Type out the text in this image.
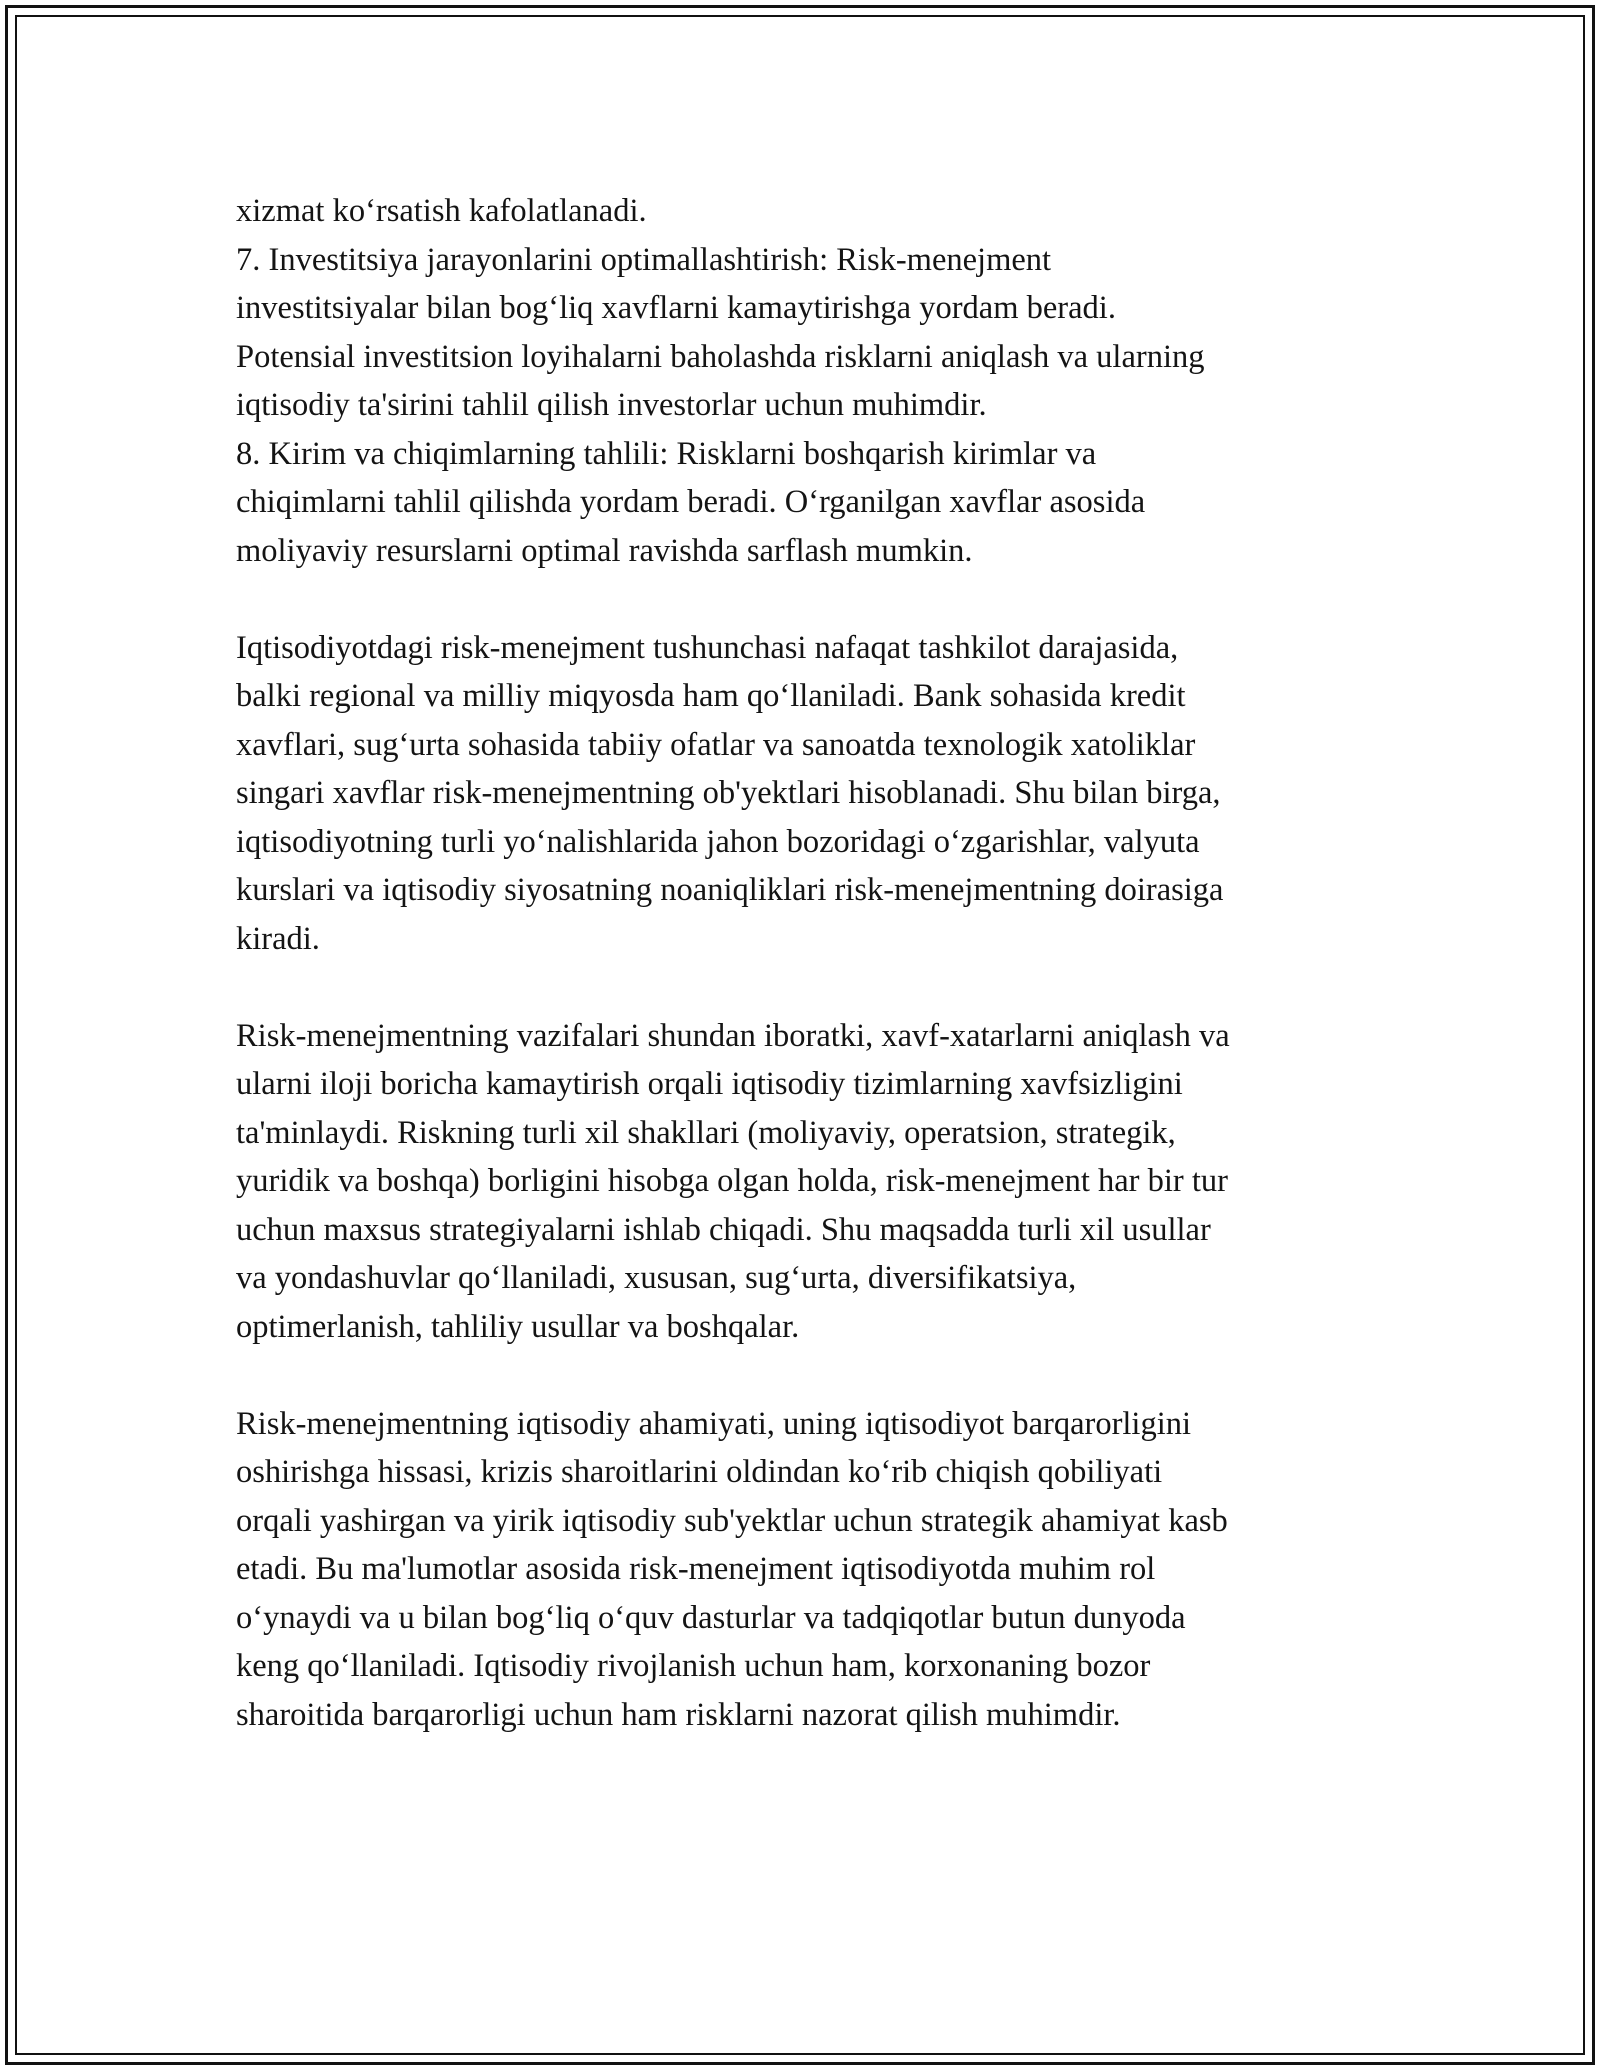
xizmat ko‘rsatish kafolatlanadi.
7. Investitsiya jarayonlarini optimallashtirish: Risk-menejment
investitsiyalar bilan bog‘liq xavflarni kamaytirishga yordam beradi.
Potensial investitsion loyihalarni baholashda risklarni aniqlash va ularning
iqtisodiy ta'sirini tahlil qilish investorlar uchun muhimdir.
8. Kirim va chiqimlarning tahlili: Risklarni boshqarish kirimlar va
chiqimlarni tahlil qilishda yordam beradi. O‘rganilgan xavflar asosida
moliyaviy resurslarni optimal ravishda sarflash mumkin.
Iqtisodiyotdagi risk-menejment tushunchasi nafaqat tashkilot darajasida,
balki regional va milliy miqyosda ham qo‘llaniladi. Bank sohasida kredit
xavflari, sug‘urta sohasida tabiiy ofatlar va sanoatda texnologik xatoliklar
singari xavflar risk-menejmentning ob'yektlari hisoblanadi. Shu bilan birga,
iqtisodiyotning turli yo‘nalishlarida jahon bozoridagi o‘zgarishlar, valyuta
kurslari va iqtisodiy siyosatning noaniqliklari risk-menejmentning doirasiga
kiradi.
Risk-menejmentning vazifalari shundan iboratki, xavf-xatarlarni aniqlash va
ularni iloji boricha kamaytirish orqali iqtisodiy tizimlarning xavfsizligini
ta'minlaydi. Riskning turli xil shakllari (moliyaviy, operatsion, strategik,
yuridik va boshqa) borligini hisobga olgan holda, risk-menejment har bir tur
uchun maxsus strategiyalarni ishlab chiqadi. Shu maqsadda turli xil usullar
va yondashuvlar qo‘llaniladi, xususan, sug‘urta, diversifikatsiya,
optimerlanish, tahliliy usullar va boshqalar.
Risk-menejmentning iqtisodiy ahamiyati, uning iqtisodiyot barqarorligini
oshirishga hissasi, krizis sharoitlarini oldindan ko‘rib chiqish qobiliyati
orqali yashirgan va yirik iqtisodiy sub'yektlar uchun strategik ahamiyat kasb
etadi. Bu ma'lumotlar asosida risk-menejment iqtisodiyotda muhim rol
o‘ynaydi va u bilan bog‘liq o‘quv dasturlar va tadqiqotlar butun dunyoda
keng qo‘llaniladi. Iqtisodiy rivojlanish uchun ham, korxonaning bozor
sharoitida barqarorligi uchun ham risklarni nazorat qilish muhimdir.
